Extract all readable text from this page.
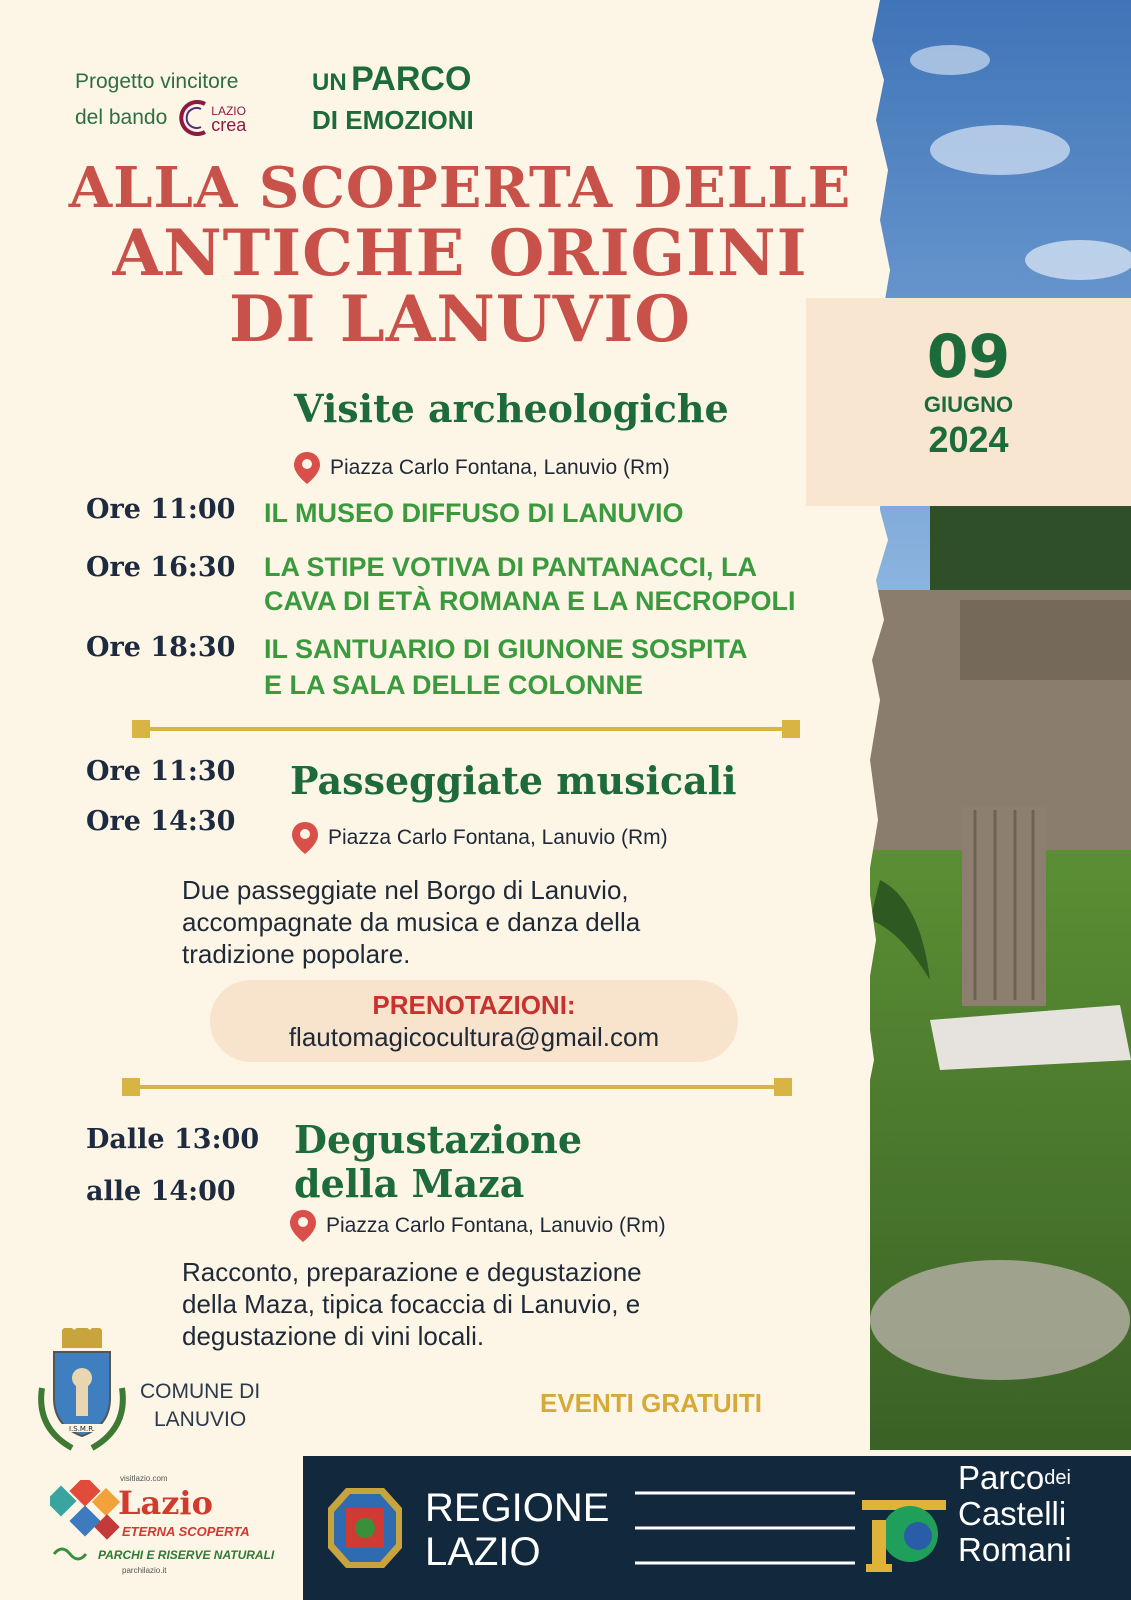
Progetto vincitore
del bando	LAZIO
crea
UN PARCO
DI EMOZIONI
ALLA SCOPERTA DELLE
ANTICHE ORIGINI
DI LANUVIO	09
GIUGNO
2024
Visite archeologiche
Piazza Carlo Fontana, Lanuvio (Rm)
Ore 11:00 IL MUSEO DIFFUSO DI LANUVIO
Ore 16:30 LA STIPE VOTIVA DI PANTANACCI, LA
CAVA DI ETÀ ROMANA E LA NECROPOLI
Ore 18:30 IL SANTUARIO DI GIUNONE SOSPITA
E LA SALA DELLE COLONNE
Ore 11:30
Ore 14:30
Passeggiate musicali
Piazza Carlo Fontana, Lanuvio (Rm)
Due passeggiate nel Borgo di Lanuvio,
accompagnate da musica e danza della
tradizione popolare.
PRENOTAZIONI:
flautomagicocultura@gmail.com
Dalle 13:00
alle 14:00
Degustazione
della Maza
Piazza Carlo Fontana, Lanuvio (Rm)
Racconto, preparazione e degustazione
della Maza, tipica focaccia di Lanuvio, e
degustazione di vini locali.
I.S.M.R.
COMUNE DI
LANUVIO
EVENTI GRATUITI
visitlazio.com
Lazio
ETERNA SCOPERTA
PARCHI E RISERVE NATURALI
parchilazio.it
REGIONE
LAZIO
Parco$^{dei}$
Castelli
Romani
